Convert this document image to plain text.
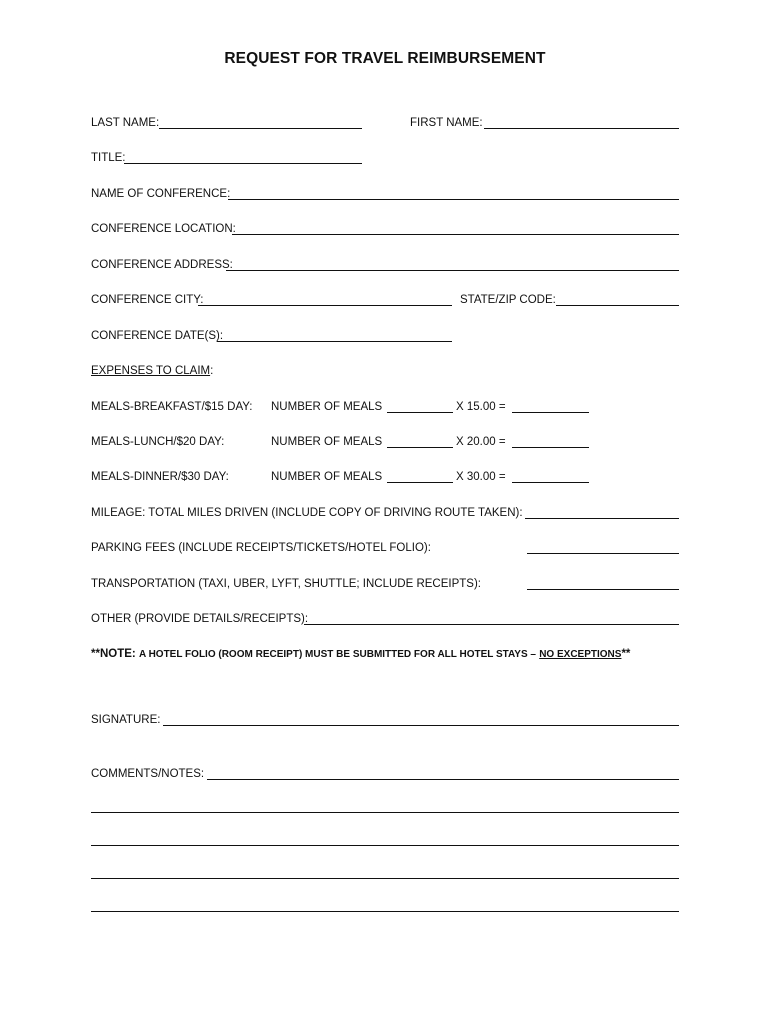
REQUEST FOR TRAVEL REIMBURSEMENT
LAST NAME:	FIRST NAME:
TITLE:
NAME OF CONFERENCE:
CONFERENCE LOCATION:
CONFERENCE ADDRESS:
CONFERENCE CITY:	STATE/ZIP CODE:
CONFERENCE DATE(S):
EXPENSES TO CLAIM:
MEALS-BREAKFAST/$15 DAY: NUMBER OF MEALS	X 15.00 =
MEALS-LUNCH/$20 DAY:	NUMBER OF MEALS	X 20.00 =
MEALS-DINNER/$30 DAY:	NUMBER OF MEALS	X 30.00 =
MILEAGE: TOTAL MILES DRIVEN (INCLUDE COPY OF DRIVING ROUTE TAKEN):
PARKING FEES (INCLUDE RECEIPTS/TICKETS/HOTEL FOLIO):
TRANSPORTATION (TAXI, UBER, LYFT, SHUTTLE; INCLUDE RECEIPTS):
OTHER (PROVIDE DETAILS/RECEIPTS):
**NOTE: A HOTEL FOLIO (ROOM RECEIPT) MUST BE SUBMITTED FOR ALL HOTEL STAYS – NO EXCEPTIONS**
SIGNATURE:
COMMENTS/NOTES:
